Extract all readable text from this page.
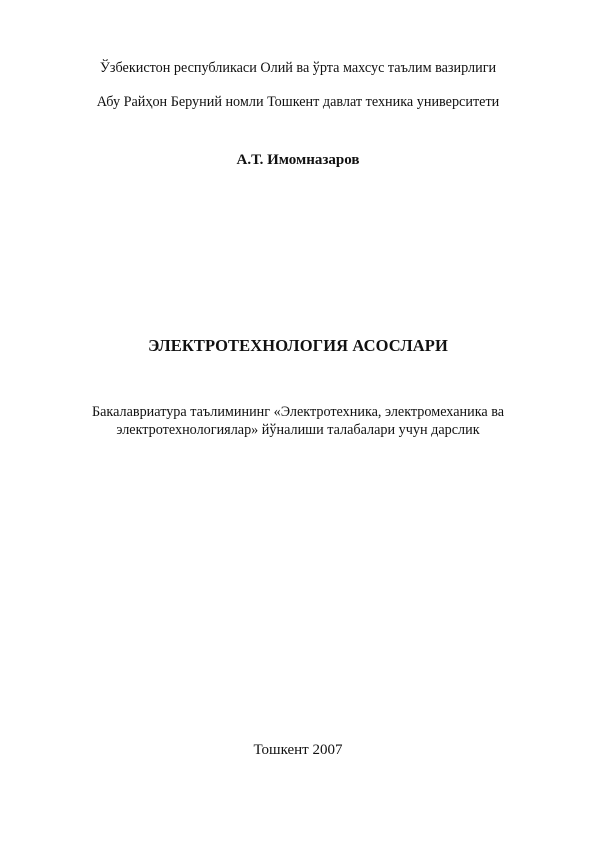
Ўзбекистон республикаси Олий ва ўрта махсус таълим вазирлиги
Абу Райҳон Беруний номли Тошкент давлат техника университети
А.Т. Имомназаров
ЭЛЕКТРОТЕХНОЛОГИЯ АСОСЛАРИ
Бакалавриатура таълимининг «Электротехника, электромеханика ва
электротехнологиялар» йўналиши талабалари учун дарслик
Тошкент 2007
